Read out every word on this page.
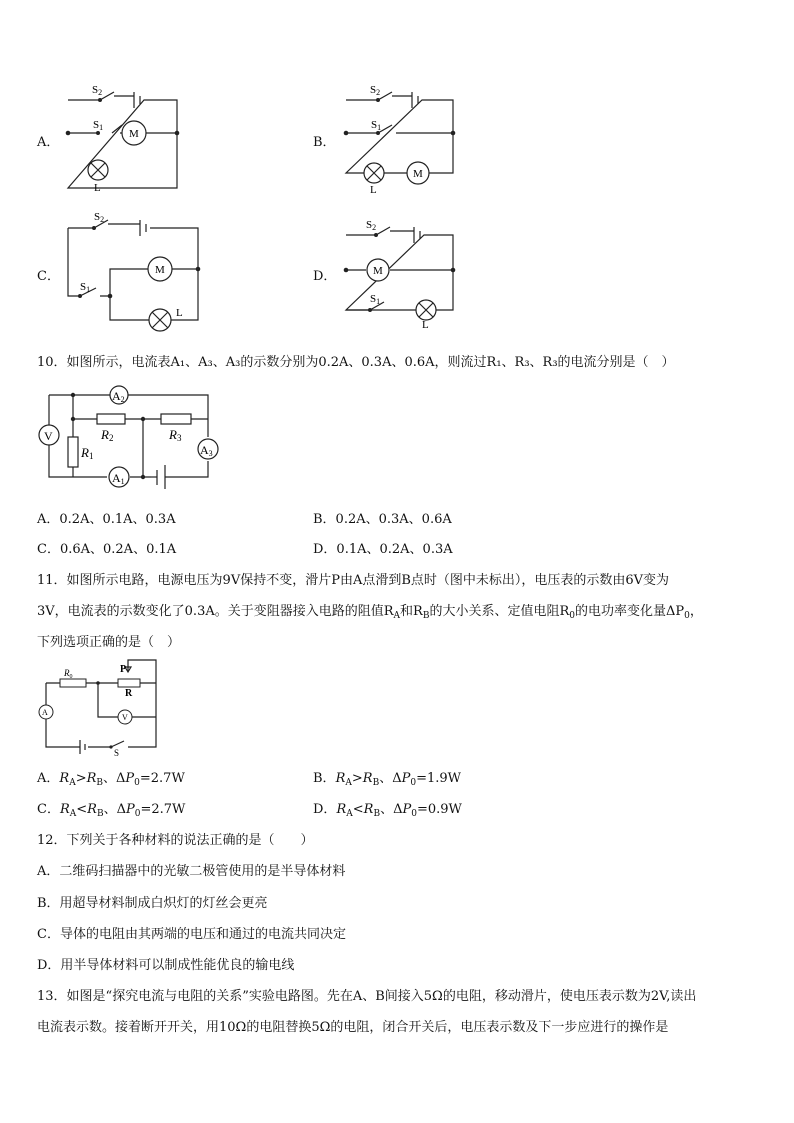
A．
S2
S1
M
L
B．
S2
S1
M
L
C．
S2
S1
M
L
D．
S2
S1
M
L
10．如图所示，电流表A₁、A₃、A₃的示数分别为0.2A、0.3A、0.6A，则流过R₁、R₃、R₃的电流分别是（　）
A2
V
A3
A1
R2	R3
R1
A．0.2A、0.1A、0.3A	B．0.2A、0.3A、0.6A
C．0.6A、0.2A、0.1A	D．0.1A、0.2A、0.3A
11．如图所示电路，电源电压为9V保持不变，滑片P由A点滑到B点时（图中未标出），电压表的示数由6V变为
3V，电流表的示数变化了0.3A。关于变阻器接入电路的阻值$R_A$和$R_B$的大小关系、定值电阻$R_0$的电功率变化量$\Delta P_0$，
下列选项正确的是（　）
A
V
$R_0$
P
R
S
A．$R_A>R_B$、$\Delta P_0=2.7W$	B．$R_A>R_B$、$\Delta P_0=1.9W$
C．$R_A<R_B$、$\Delta P_0=2.7W$	D．$R_A<R_B$、$\Delta P_0=0.9W$
12．下列关于各种材料的说法正确的是（　　）
A．二维码扫描器中的光敏二极管使用的是半导体材料
B．用超导材料制成白炽灯的灯丝会更亮
C．导体的电阻由其两端的电压和通过的电流共同决定
D．用半导体材料可以制成性能优良的输电线
13．如图是“探究电流与电阻的关系”实验电路图。先在A、B间接入5Ω的电阻，移动滑片，使电压表示数为2V,读出
电流表示数。接着断开开关，用10Ω的电阻替换5Ω的电阻，闭合开关后，电压表示数及下一步应进行的操作是
